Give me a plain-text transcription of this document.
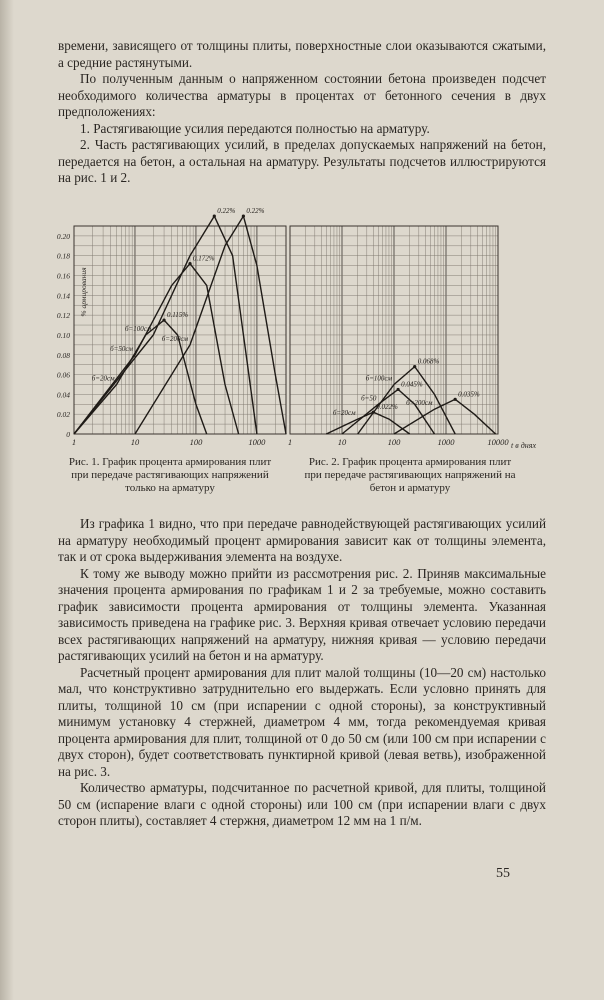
времени, зависящего от толщины плиты, поверхностные слои оказываются сжатыми, а средние растянутыми.

По полученным данным о напряженном состоянии бетона произведен подсчет необходимого количества арматуры в процентах от бетонного сечения в двух предположениях:

1. Растягивающие усилия передаются полностью на арматуру.

2. Часть растягивающих усилий, в пределах допускаемых напряжений на бетон, передается на бетон, а остальная на арматуру. Результаты подсчетов иллюстрируются на рис. 1 и 2.

0
0.02
0.04
0.06
0.08
0.10
0.12
0.14
0.16
0.18
0.20
% армирования
1	10	100	1000
0.115%
б=20см
0.172%
б=50см
0.22%
б=100см
0.22%
б=200см
1	10	100	1000	10000
0.022%
б=20см
0.045%
б=50
0.068%
б=100см
0.035%
б=200см
t в днях
Рис. 1. График процента армирования плит при передаче растягивающих напряжений только на арматуру
Рис. 2. График процента армирования плит при передаче растягивающих напряжений на бетон и арматуру

Из графика 1 видно, что при передаче равнодействующей растягивающих усилий на арматуру необходимый процент армирования зависит как от толщины элемента, так и от срока выдерживания элемента на воздухе.

К тому же выводу можно прийти из рассмотрения рис. 2. Приняв максимальные значения процента армирования по графикам 1 и 2 за требуемые, можно составить график зависимости процента армирования от толщины элемента. Указанная зависимость приведена на графике рис. 3. Верхняя кривая отвечает условию передачи всех растягивающих напряжений на арматуру, нижняя кривая — условию передачи растягивающих усилий на бетон и на арматуру.

Расчетный процент армирования для плит малой толщины (10—20 см) настолько мал, что конструктивно затруднительно его выдержать. Если условно принять для плиты, толщиной 10 см (при испарении с одной стороны), за конструктивный минимум установку 4 стержней, диаметром 4 мм, тогда рекомендуемая кривая процента армирования для плит, толщиной от 0 до 50 см (или 100 см при испарении с двух сторон), будет соответствовать пунктирной кривой (левая ветвь), изображенной на рис. 3.

Количество арматуры, подсчитанное по расчетной кривой, для плиты, толщиной 50 см (испарение влаги с одной стороны) или 100 см (при испарении влаги с двух сторон плиты), составляет 4 стержня, диаметром 12 мм на 1 п/м.

55
